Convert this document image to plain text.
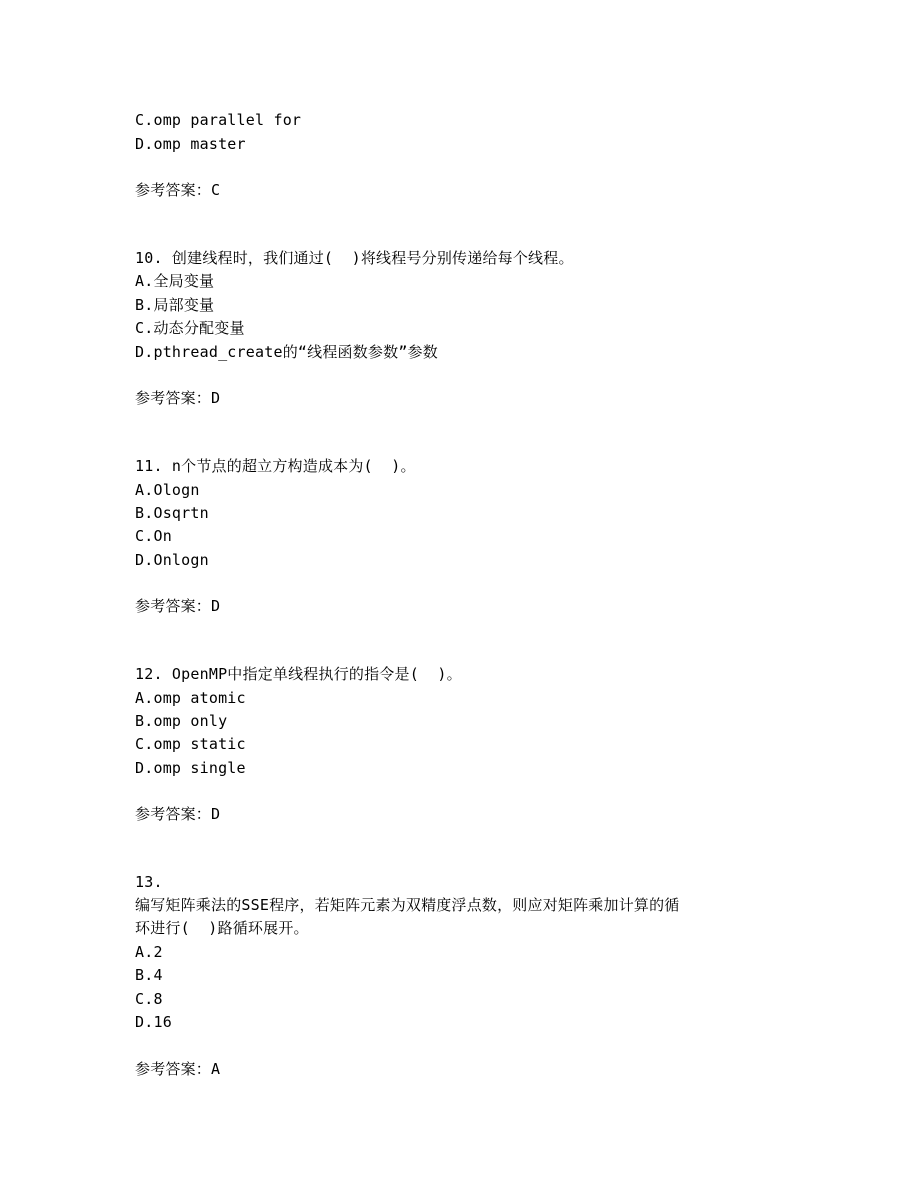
C.omp parallel for
D.omp master
参考答案：C
10. 创建线程时，我们通过(  )将线程号分别传递给每个线程。
A.全局变量
B.局部变量
C.动态分配变量
D.pthread_create的“线程函数参数”参数
参考答案：D
11. n个节点的超立方构造成本为(  )。
A.Ologn
B.Osqrtn
C.On
D.Onlogn
参考答案：D
12. OpenMP中指定单线程执行的指令是(  )。
A.omp atomic
B.omp only
C.omp static
D.omp single
参考答案：D
13.
编写矩阵乘法的SSE程序，若矩阵元素为双精度浮点数，则应对矩阵乘加计算的循
环进行(  )路循环展开。
A.2
B.4
C.8
D.16
参考答案：A
